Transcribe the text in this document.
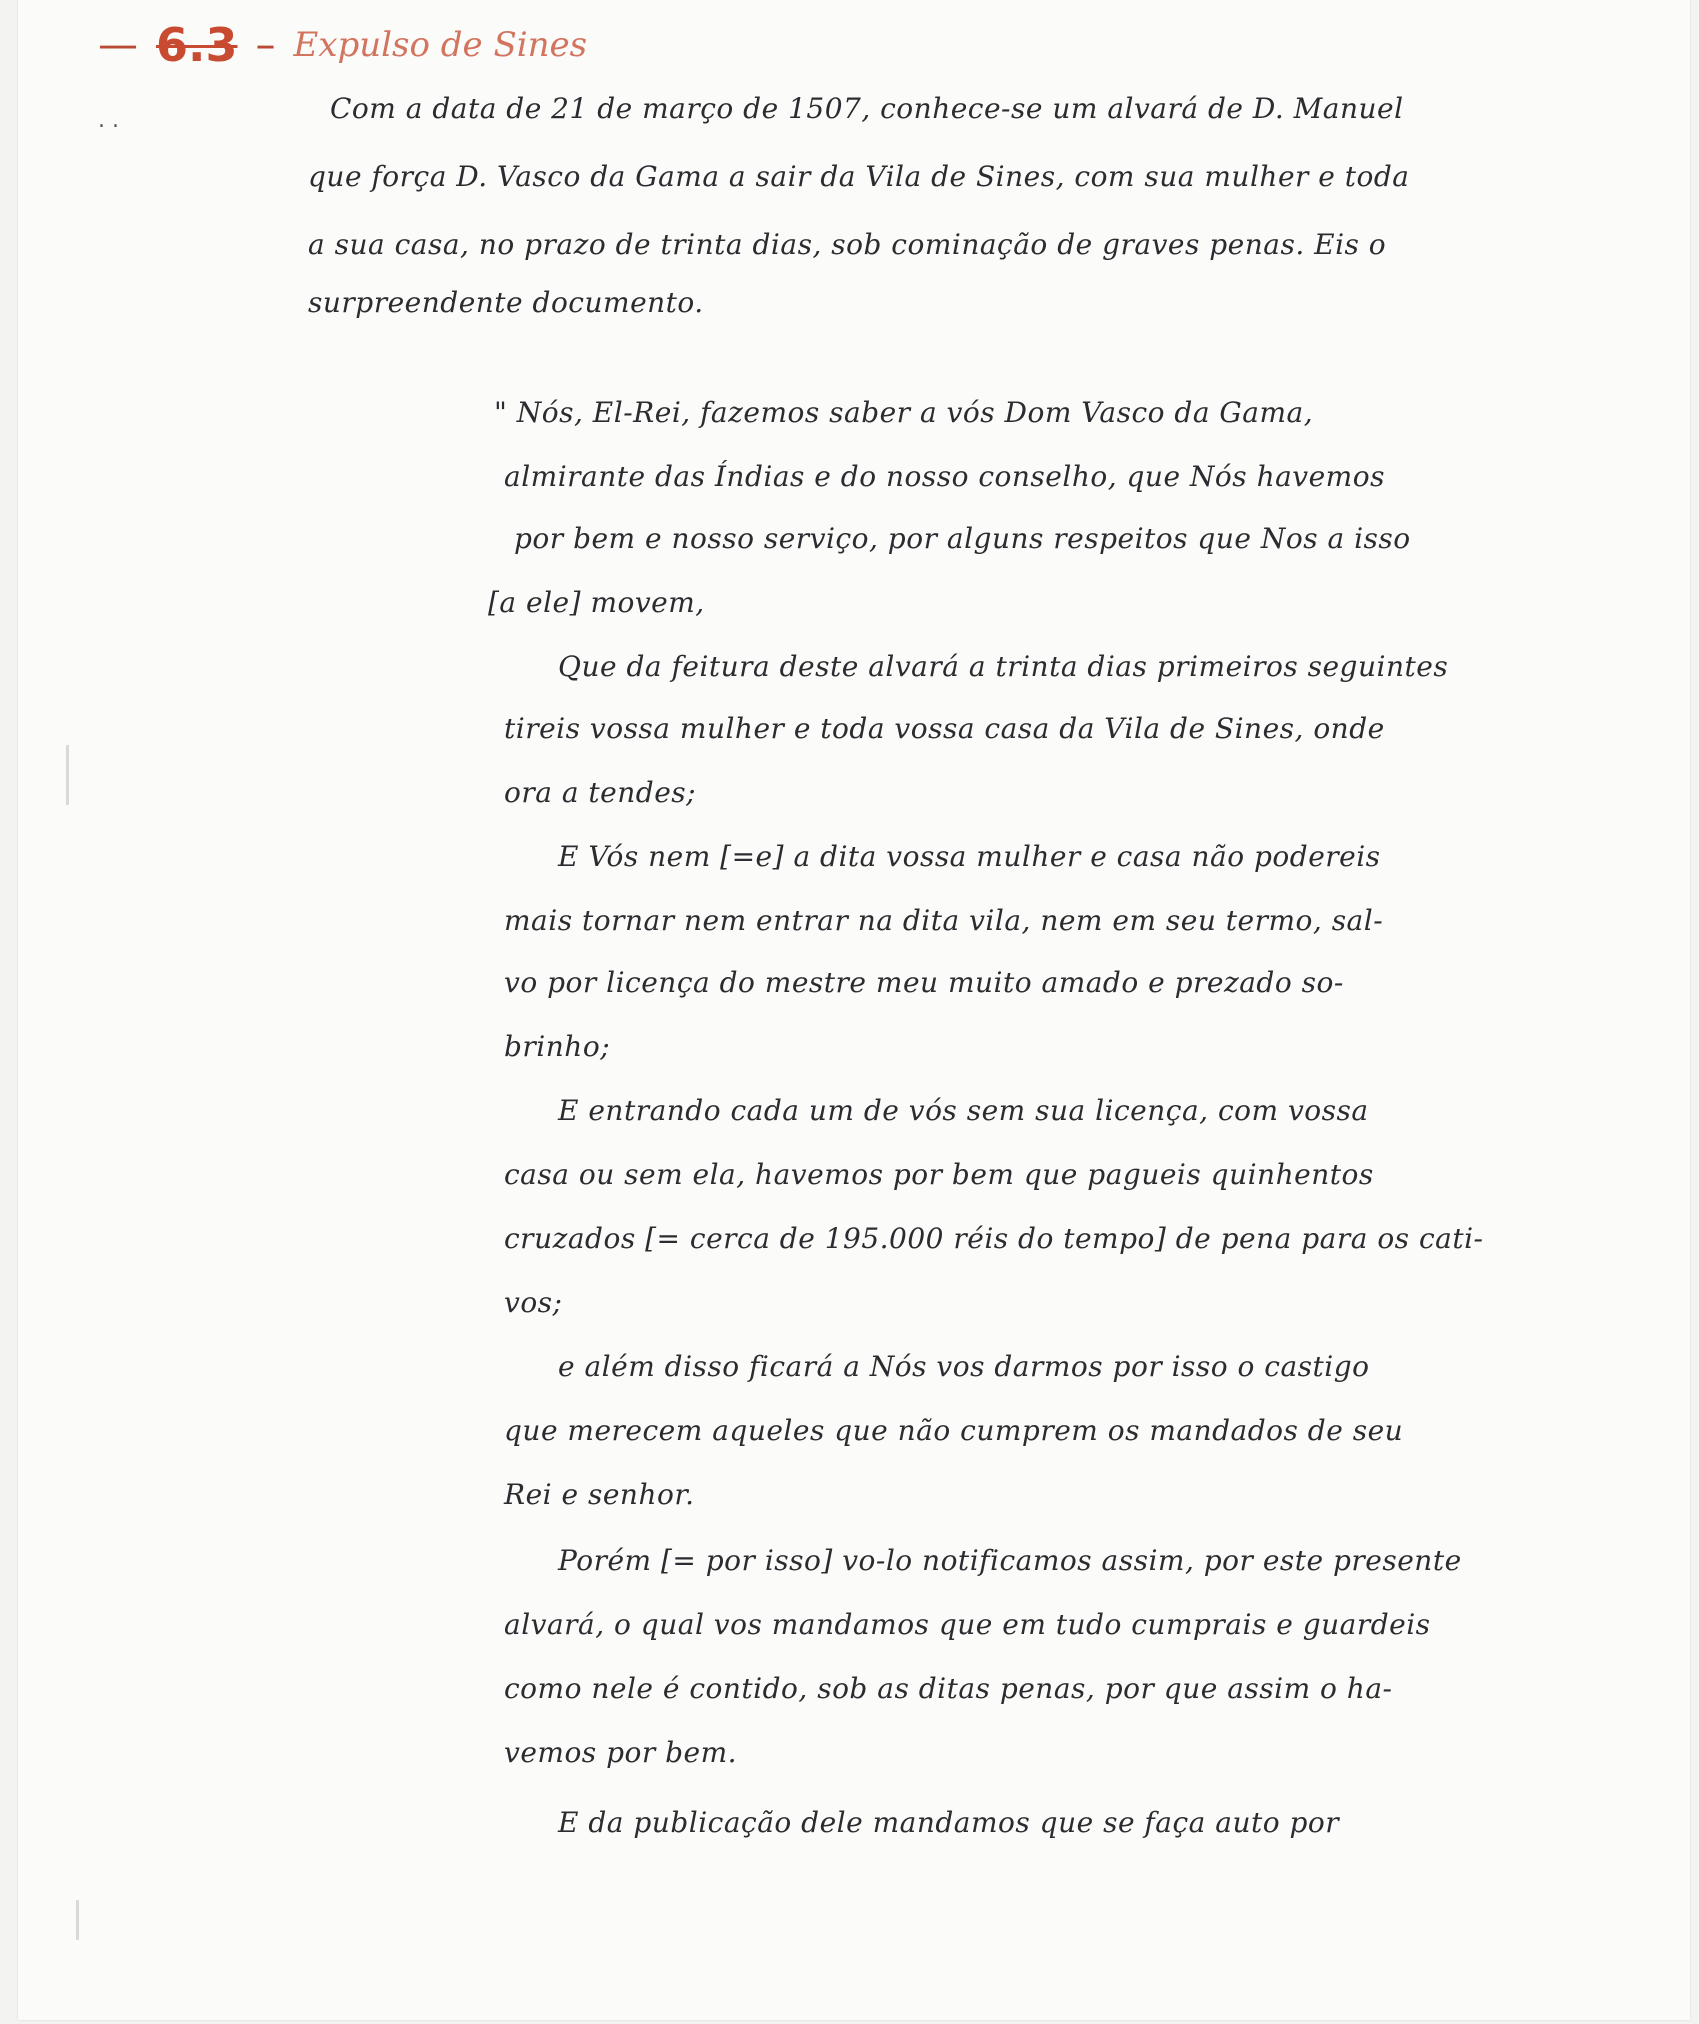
— 6.3 – Expulso de Sines
. .	Com a data de 21 de março de 1507, conhece-se um alvará de D. Manuel
que força D. Vasco da Gama a sair da Vila de Sines, com sua mulher e toda
a sua casa, no prazo de trinta dias, sob cominação de graves penas. Eis o
surpreendente documento.
" Nós, El-Rei, fazemos saber a vós Dom Vasco da Gama,
almirante das Índias e do nosso conselho, que Nós havemos
por bem e nosso serviço, por alguns respeitos que Nos a isso
[a ele] movem,
Que da feitura deste alvará a trinta dias primeiros seguintes
tireis vossa mulher e toda vossa casa da Vila de Sines, onde
ora a tendes;
E Vós nem [=e] a dita vossa mulher e casa não podereis
mais tornar nem entrar na dita vila, nem em seu termo, sal-
vo por licença do mestre meu muito amado e prezado so-
brinho;
E entrando cada um de vós sem sua licença, com vossa
casa ou sem ela, havemos por bem que pagueis quinhentos
cruzados [= cerca de 195.000 réis do tempo] de pena para os cati-
vos;
e além disso ficará a Nós vos darmos por isso o castigo
que merecem aqueles que não cumprem os mandados de seu
Rei e senhor.
Porém [= por isso] vo-lo notificamos assim, por este presente
alvará, o qual vos mandamos que em tudo cumprais e guardeis
como nele é contido, sob as ditas penas, por que assim o ha-
vemos por bem.
E da publicação dele mandamos que se faça auto por
